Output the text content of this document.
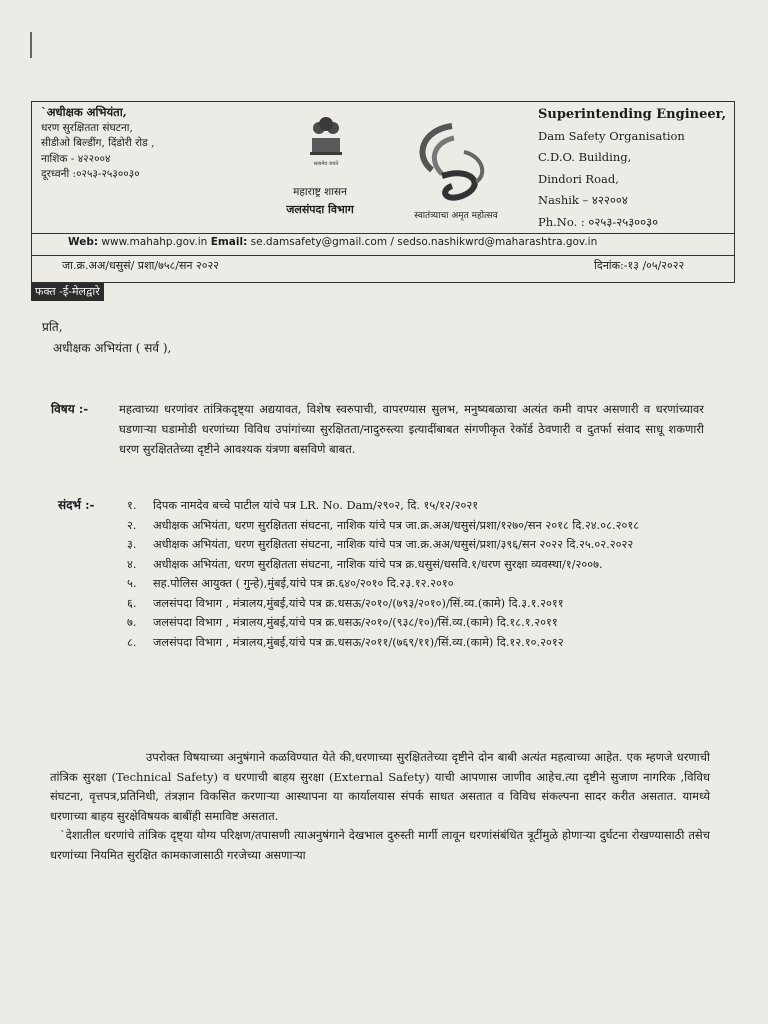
`अधीक्षक अभियंता,
धरण सुरक्षितता संघटना,
सीडीओ बिल्डींग, दिंडोरी रोड ,
नाशिक - ४२२००४
दूरध्वनी :०२५३-२५३००३०
सत्यमेव जयते
महाराष्ट्र शासन
जलसंपदा विभाग	स्वातंत्र्याचा अमृत महोत्सव
Superintending Engineer,
Dam Safety Organisation
C.D.O. Building,
Dindori Road,
Nashik – ४२२००४
Ph.No. : ०२५३-२५३००३०
Web: www.mahahp.gov.in Email: se.damsafety@gmail.com / sedso.nashikwrd@maharashtra.gov.in
जा.क्र.अअ/धसुसं/ प्रशा/७५८/सन २०२२	दिनांक:-१३ /०५/२०२२
फक्त -ई-मेलद्वारे
प्रति,
अधीक्षक अभियंता ( सर्व ),
विषय :-	महत्वाच्या धरणांवर तांत्रिकदृष्ट्या अद्ययावत, विशेष स्वरुपाची, वापरण्यास सुलभ, मनुष्यबळाचा अत्यंत कमी वापर असणारी व धरणांच्यावर घडणाऱ्या घडामोडी धरणांच्या विविध उपांगांच्या सुरक्षितता/नादुरुस्त्या इत्यादींबाबत संगणीकृत रेकॉर्ड ठेवणारी व दुतर्फा संवाद साधू शकणारी धरण सुरक्षिततेच्या दृष्टीने आवश्यक यंत्रणा बसविणे बाबत.
संदर्भ :-	१.	दिपक नामदेव बच्चे पाटील यांचे पत्र LR. No. Dam/२९०२, दि. १५/१२/२०२१
२.	अधीक्षक अभियंता, धरण सुरक्षितता संघटना, नाशिक यांचे पत्र जा.क्र.अअ/धसुसं/प्रशा/१२७०/सन २०१८ दि.२४.०८.२०१८
३.	अधीक्षक अभियंता, धरण सुरक्षितता संघटना, नाशिक यांचे पत्र जा.क्र.अअ/धसुसं/प्रशा/३९६/सन २०२२ दि.२५.०२.२०२२
४.	अधीक्षक अभियंता, धरण सुरक्षितता संघटना, नाशिक यांचे पत्र क्र.धसुसं/धसवि.१/धरण सुरक्षा व्यवस्था/१/२००७.
५.	सह.पोलिस आयुक्त ( गुन्हे),मुंबई,यांचे पत्र क्र.६४०/२०१० दि.२३.१२.२०१०
६.	जलसंपदा विभाग , मंत्रालय,मुंबई,यांचे पत्र क्र.धसऊ/२०१०/(७९३/२०१०)/सिं.व्य.(कामे) दि.३.१.२०११
७.	जलसंपदा विभाग , मंत्रालय,मुंबई,यांचे पत्र क्र.धसऊ/२०१०/(९३८/१०)/सिं.व्य.(कामे) दि.१८.१.२०११
८.	जलसंपदा विभाग , मंत्रालय,मुंबई,यांचे पत्र क्र.धसऊ/२०११/(७६९/११)/सिं.व्य.(कामे) दि.१२.१०.२०१२

उपरोक्त विषयाच्या अनुषंगाने कळविण्यात येते की,धरणाच्या सुरक्षिततेच्या दृष्टीने दोन बाबी अत्यंत महत्वाच्या आहेत. एक म्हणजे धरणाची तांत्रिक सुरक्षा (Technical Safety) व धरणाची बाहय सुरक्षा (External Safety) याची आपणास जाणीव आहेच.त्या दृष्टीने सुजाण नागरिक ,विविध संघटना, वृत्तपत्र,प्रतिनिधी, तंत्रज्ञान विकसित करणाऱ्या आस्थापना या कार्यालयास संपर्क साधत असतात व विविध संकल्पना सादर करीत असतात. यामध्ये धरणाच्या बाहय सुरक्षेविषयक बाबींही समाविष्ट असतात.

`देशातील धरणांचे तांत्रिक दृष्ट्या योग्य परिक्षण/तपासणी त्याअनुषंगाने देखभाल दुरुस्ती मार्गी लावून धरणांसंबंधित त्रूटींमुळे होणाऱ्या दुर्घटना रोखण्यासाठी तसेच धरणांच्या नियमित सुरक्षित कामकाजासाठी गरजेच्या असणाऱ्या
